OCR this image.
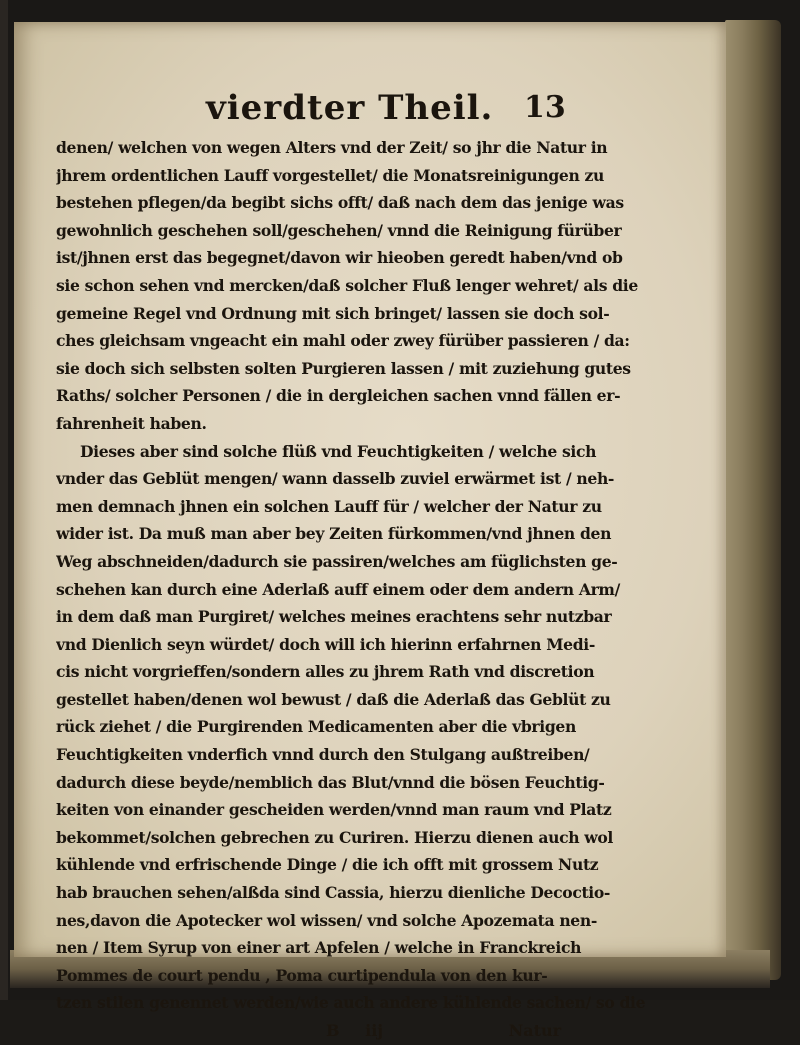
vierdter Theil. 13
denen/ welchen von wegen Alters vnd der Zeit/ so jhr die Natur in
jhrem ordentlichen Lauff vorgestellet/ die Monatsreinigungen zu
bestehen pflegen/da begibt sichs offt/ daß nach dem das jenige was
gewohnlich geschehen soll/geschehen/ vnnd die Reinigung fürüber
ist/jhnen erst das begegnet/davon wir hieoben geredt haben/vnd ob
sie schon sehen vnd mercken/daß solcher Fluß lenger wehret/ als die
gemeine Regel vnd Ordnung mit sich bringet/ lassen sie doch sol-
ches gleichsam vngeacht ein mahl oder zwey fürüber passieren / da:
sie doch sich selbsten solten Purgieren lassen / mit zuziehung gutes
Raths/ solcher Personen / die in dergleichen sachen vnnd fällen er-
fahrenheit haben.
Dieses aber sind solche flüß vnd Feuchtigkeiten / welche sich
vnder das Geblüt mengen/ wann dasselb zuviel erwärmet ist / neh-
men demnach jhnen ein solchen Lauff für / welcher der Natur zu
wider ist. Da muß man aber bey Zeiten fürkommen/vnd jhnen den
Weg abschneiden/dadurch sie passiren/welches am füglichsten ge-
schehen kan durch eine Aderlaß auff einem oder dem andern Arm/
in dem daß man Purgiret/ welches meines erachtens sehr nutzbar
vnd Dienlich seyn würdet/ doch will ich hierinn erfahrnen Medi-
cis nicht vorgrieffen/sondern alles zu jhrem Rath vnd discretion
gestellet haben/denen wol bewust / daß die Aderlaß das Geblüt zu
rück ziehet / die Purgirenden Medicamenten aber die vbrigen
Feuchtigkeiten vnderfich vnnd durch den Stulgang außtreiben/
dadurch diese beyde/nemblich das Blut/vnnd die bösen Feuchtig-
keiten von einander gescheiden werden/vnnd man raum vnd Platz
bekommet/solchen gebrechen zu Curiren. Hierzu dienen auch wol
kühlende vnd erfrischende Dinge / die ich offt mit grossem Nutz
hab brauchen sehen/alßda sind Cassia, hierzu dienliche Decoctio-
nes,davon die Apotecker wol wissen/ vnd solche Apozemata nen-
nen / Item Syrup von einer art Apfelen / welche in Franckreich
Pommes de court pendu , Poma curtipendula von den kur-
tzen stilen genennet werden/wie auch andere kühlende sachen/ so die
B iij	Natur
